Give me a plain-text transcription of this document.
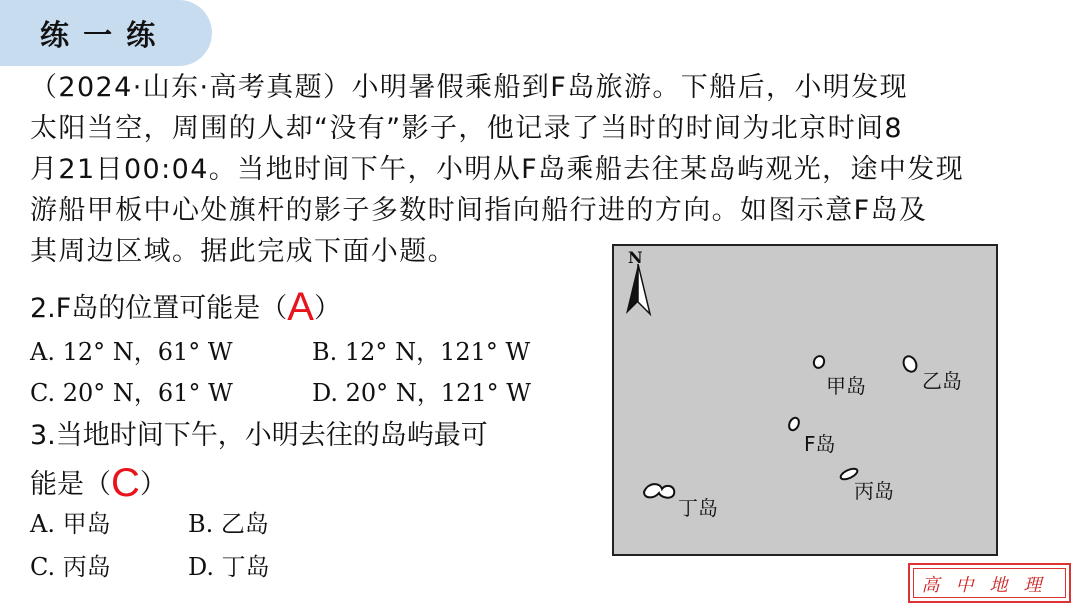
练 一 练
（2024·山东·高考真题）小明暑假乘船到F岛旅游。下船后，小明发现
太阳当空，周围的人却“没有”影子，他记录了当时的时间为北京时间8
月21日00:04。当地时间下午，小明从F岛乘船去往某岛屿观光，途中发现
游船甲板中心处旗杆的影子多数时间指向船行进的方向。如图示意F岛及
其周边区域。据此完成下面小题。
2.F岛的位置可能是（A）
A. 12° N，61° W	B. 12° N，121° W
C. 20° N，61° W	D. 20° N，121° W
3.当地时间下午，小明去往的岛屿最可
能是（C）
A. 甲岛	B. 乙岛
C. 丙岛	D. 丁岛
N
甲岛	乙岛
F岛
丙岛
丁岛
高中地理
